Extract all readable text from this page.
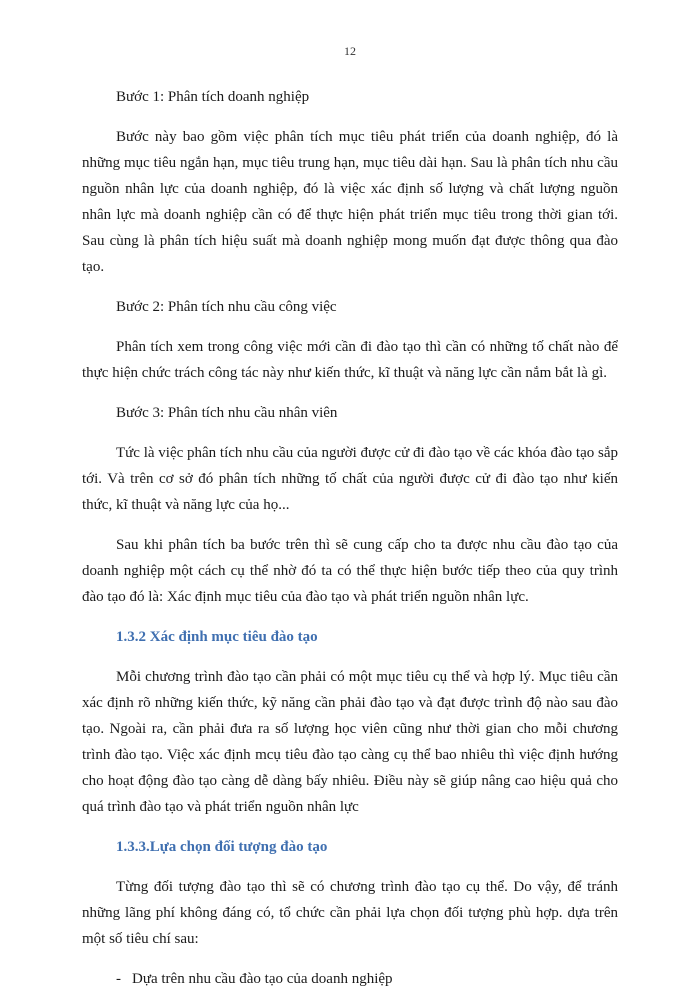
12

Bước 1: Phân tích doanh nghiệp

Bước này bao gồm việc phân tích mục tiêu phát triển của doanh nghiệp, đó là những mục tiêu ngắn hạn, mục tiêu trung hạn, mục tiêu dài hạn. Sau là phân tích nhu cầu nguồn nhân lực của doanh nghiệp, đó là việc xác định số lượng và chất lượng nguồn nhân lực mà doanh nghiệp cần có để thực hiện phát triển mục tiêu trong thời gian tới. Sau cùng là phân tích hiệu suất mà doanh nghiệp mong muốn đạt được thông qua đào tạo.

Bước 2: Phân tích nhu cầu công việc

Phân tích xem trong công việc mới cần đi đào tạo thì cần có những tố chất nào để thực hiện chức trách công tác này như kiến thức, kĩ thuật và năng lực cần nắm bắt là gì.

Bước 3: Phân tích nhu cầu nhân viên

Tức là việc phân tích nhu cầu của người được cử đi đào tạo về các khóa đào tạo sắp tới. Và trên cơ sở đó phân tích những tố chất của người được cử đi đào tạo như kiến thức, kĩ thuật và năng lực của họ...

Sau khi phân tích ba bước trên thì sẽ cung cấp cho ta được nhu cầu đào tạo của doanh nghiệp một cách cụ thể nhờ đó ta có thể thực hiện bước tiếp theo của quy trình đào tạo đó là: Xác định mục tiêu của đào tạo và phát triển nguồn nhân lực.

1.3.2 Xác định mục tiêu đào tạo

Mỗi chương trình đào tạo cần phải có một mục tiêu cụ thể và hợp lý. Mục tiêu cần xác định rõ những kiến thức, kỹ năng cần phải đào tạo và đạt được trình độ nào sau đào tạo. Ngoài ra, cần phải đưa ra số lượng học viên cũng như thời gian cho mỗi chương trình đào tạo. Việc xác định mcụ tiêu đào tạo càng cụ thể bao nhiêu thì việc định hướng cho hoạt động đào tạo càng dễ dàng bấy nhiêu. Điều này sẽ giúp nâng cao hiệu quả cho quá trình đào tạo và phát triển nguồn nhân lực

1.3.3.Lựa chọn đối tượng đào tạo

Từng đối tượng đào tạo thì sẽ có chương trình đào tạo cụ thể. Do vậy, để tránh những lãng phí không đáng có, tổ chức cần phải lựa chọn đối tượng phù hợp. dựa trên một số tiêu chí sau:

- Dựa trên nhu cầu đào tạo của doanh nghiệp
